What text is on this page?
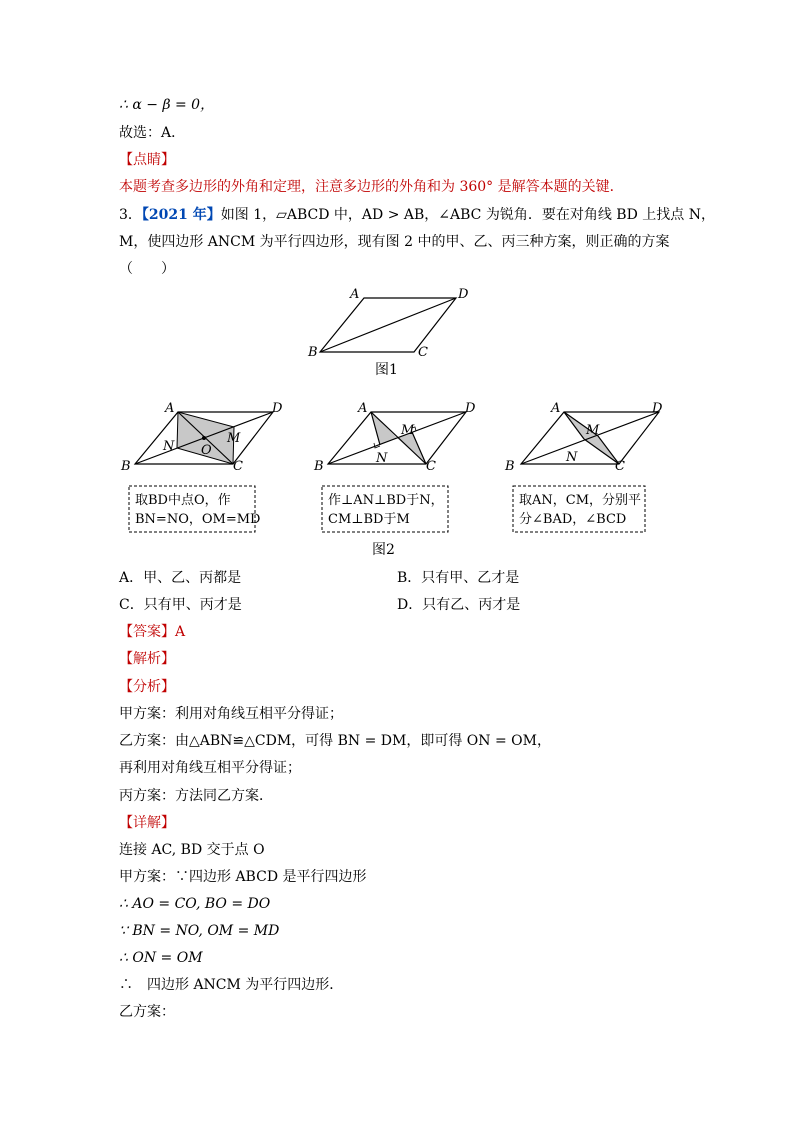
∴ α − β = 0，
故选：A．
【点睛】
本题考查多边形的外角和定理，注意多边形的外角和为 360° 是解答本题的关键．
3．【2021 年】如图 1，▱ABCD 中，AD > AB，∠ABC 为锐角．要在对角线 BD 上找点 N，
M，使四边形 ANCM 为平行四边形，现有图 2 中的甲、乙、丙三种方案，则正确的方案
（　　）
A	D
B	C
图1
A	D
B	C
N
M
O
取BD中点O，作
BN=NO，OM=MD
A	D
B	C
N
M
作⊥AN⊥BD于N，
CM⊥BD于M
A	D
B	C
N
M
取AN，CM，分别平
分∠BAD，∠BCD
图2
A．甲、乙、丙都是	B．只有甲、乙才是
C．只有甲、丙才是	D．只有乙、丙才是
【答案】A
【解析】
【分析】
甲方案：利用对角线互相平分得证；
乙方案：由△ABN≌△CDM，可得 BN = DM，即可得 ON = OM，
再利用对角线互相平分得证；
丙方案：方法同乙方案．
【详解】
连接 AC, BD 交于点 O
甲方案：∵四边形 ABCD 是平行四边形
∴ AO = CO, BO = DO
∵ BN = NO, OM = MD
∴ ON = OM
∴　四边形 ANCM 为平行四边形．
乙方案：
